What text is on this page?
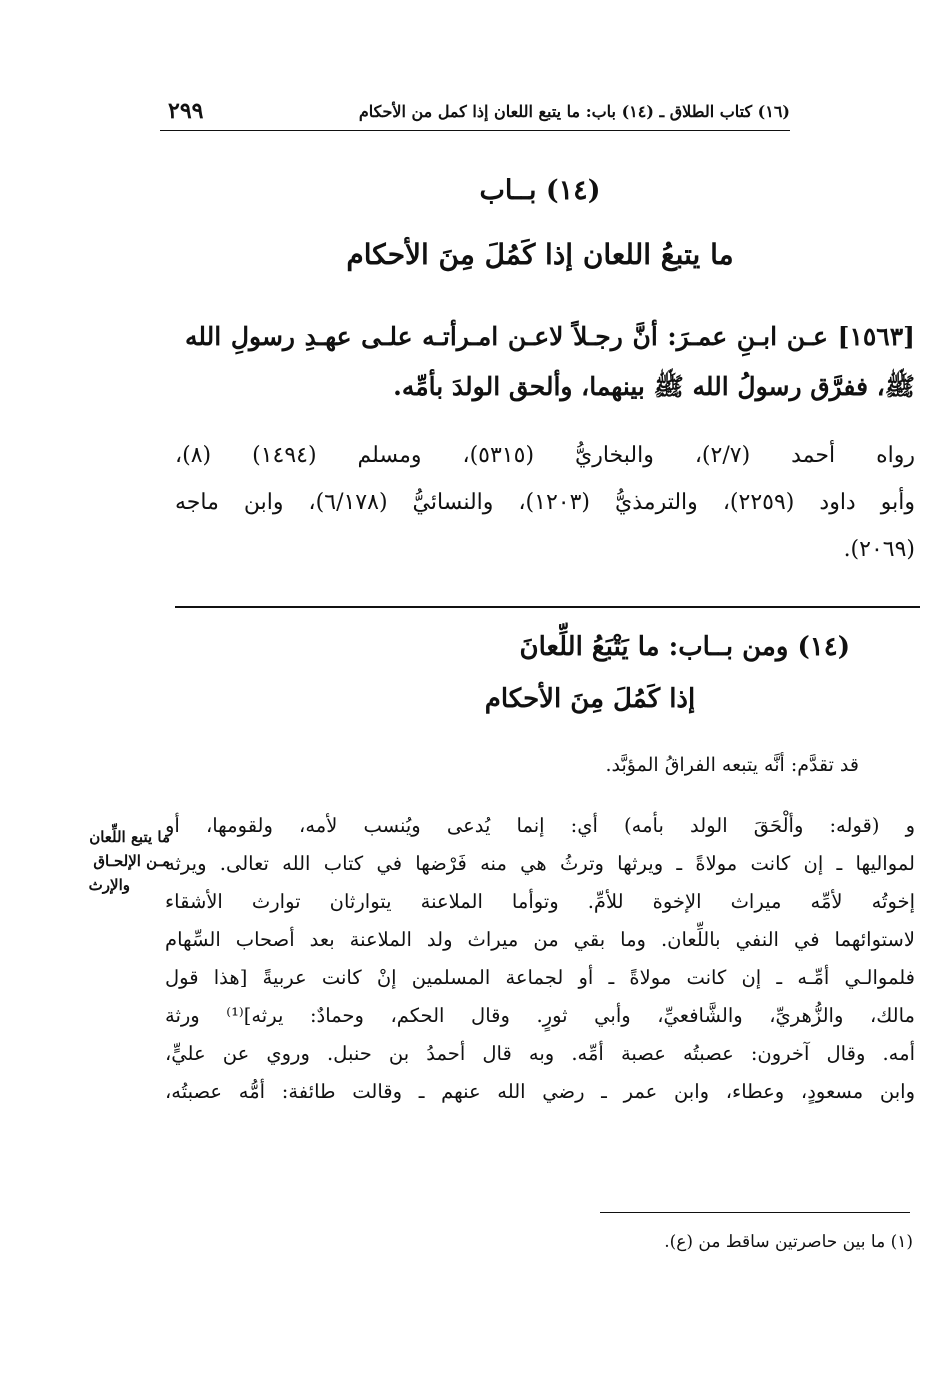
(١٦) كتاب الطلاق ـ (١٤) باب: ما يتبع اللعان إذا كمل من الأحكام
٢٩٩
(١٤) بــاب
ما يتبعُ اللعان إذا كَمُلَ مِنَ الأحكام
[١٥٦٣] عـن ابـنِ عمـرَ: أنَّ رجـلاً لاعـن امـرأتـه علـى عهـدِ رسولِ الله ﷺ، ففرَّق رسولُ الله ﷺ بينهما، وألحق الولدَ بأمِّه.
رواه أحمد (٢/٧)، والبخاريُّ (٥٣١٥)، ومسلم (١٤٩٤) (٨)،
وأبو داود (٢٢٥٩)، والترمذيُّ (١٢٠٣)، والنسائيُّ (٦/١٧٨)، وابن ماجه
(٢٠٦٩).
(١٤) ومن بــاب: ما يَتْبَعُ اللِّعانَ
إذا كَمُلَ مِنَ الأحكام
قد تقدَّم: أنَّه يتبعه الفراقُ المؤبَّد.
و (قوله: وألْحَقَ الولد بأمه) أي: إنما يُدعى ويُنسب لأمه، ولقومها، أو
لمواليها ـ إن كانت مولاةً ـ ويرثها وترثُ هي منه فَرْضها في كتاب الله تعالى. ويرثه
إخوتُه لأمِّه ميراث الإخوة للأمِّ. وتوأما الملاعنة يتوارثان توارث الأشقاء
لاستوائهما في النفي باللِّعان. وما بقي من ميراث ولد الملاعنة بعد أصحاب السِّهام
فلموالـي أمِّـه ـ إن كانت مولاةً ـ أو لجماعة المسلمين إنْ كانت عربيةً [هذا قول
مالك، والزُّهريِّ، والشَّافعيِّ، وأبي ثورٍ. وقال الحكم، وحمادٌ: يرثه]⁽¹⁾ ورثة
أمه. وقال آخرون: عصبتُه عصبة أمِّه. وبه قال أحمدُ بن حنبل. وروي عن عليٍّ،
وابن مسعودٍ، وعطاء، وابن عمر ـ رضي الله عنهم ـ وقالت طائفة: أمُّه عصبتُه،
ما يتبع اللِّعان
مـن الإلحـاق
والإرث
(١) ما بين حاصرتين ساقط من (ع).
